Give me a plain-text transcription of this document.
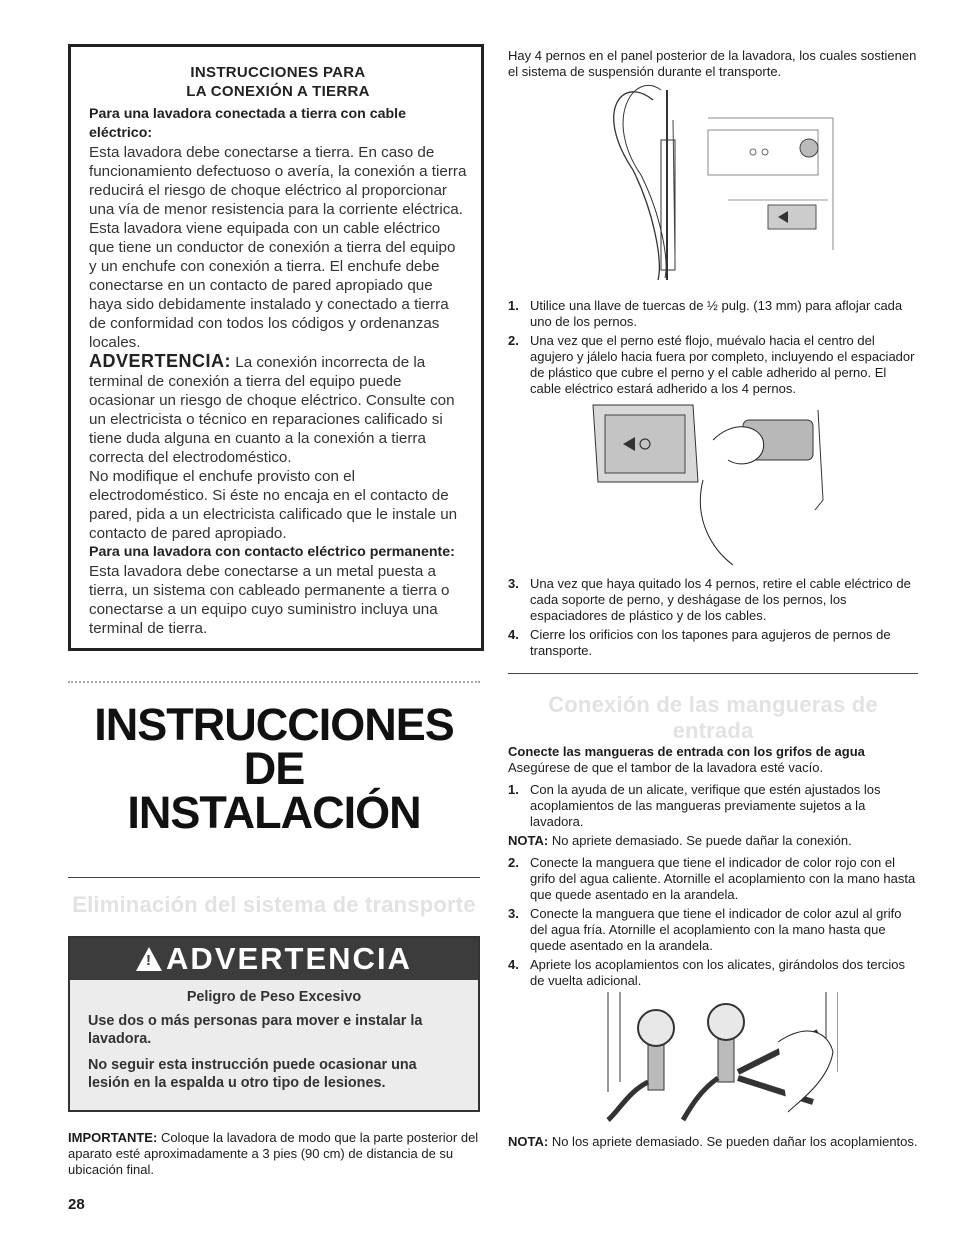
INSTRUCCIONES PARA
LA CONEXIÓN A TIERRA

Para una lavadora conectada a tierra con cable eléctrico:

Esta lavadora debe conectarse a tierra. En caso de funcionamiento defectuoso o avería, la conexión a tierra reducirá el riesgo de choque eléctrico al proporcionar una vía de menor resistencia para la corriente eléctrica. Esta lavadora viene equipada con un cable eléctrico que tiene un conductor de conexión a tierra del equipo y un enchufe con conexión a tierra. El enchufe debe conectarse en un contacto de pared apropiado que haya sido debidamente instalado y conectado a tierra de conformidad con todos los códigos y ordenanzas locales.

ADVERTENCIA: La conexión incorrecta de la terminal de conexión a tierra del equipo puede ocasionar un riesgo de choque eléctrico. Consulte con un electricista o técnico en reparaciones calificado si tiene duda alguna en cuanto a la conexión a tierra correcta del electrodoméstico.

No modifique el enchufe provisto con el electrodoméstico. Si éste no encaja en el contacto de pared, pida a un electricista calificado que le instale un contacto de pared apropiado.

Para una lavadora con contacto eléctrico permanente:

Esta lavadora debe conectarse a un metal puesta a tierra, un sistema con cableado permanente a tierra o conectarse a un equipo cuyo suministro incluya una terminal de tierra.

INSTRUCCIONES DE
INSTALACIÓN
Eliminación del sistema de transporte
! ADVERTENCIA
Peligro de Peso Excesivo

Use dos o más personas para mover e instalar la lavadora.

No seguir esta instrucción puede ocasionar una lesión en la espalda u otro tipo de lesiones.

IMPORTANTE: Coloque la lavadora de modo que la parte posterior del aparato esté aproximadamente a 3 pies (90 cm) de distancia de su ubicación final.
28

Hay 4 pernos en el panel posterior de la lavadora, los cuales sostienen el sistema de suspensión durante el transporte.

1. Utilice una llave de tuercas de ½ pulg. (13 mm) para aflojar cada uno de los pernos.
2. Una vez que el perno esté flojo, muévalo hacia el centro del agujero y jálelo hacia fuera por completo, incluyendo el espaciador de plástico que cubre el perno y el cable adherido al perno. El cable eléctrico estará adherido a los 4 pernos.
3. Una vez que haya quitado los 4 pernos, retire el cable eléctrico de cada soporte de perno, y deshágase de los pernos, los espaciadores de plástico y de los cables.
4. Cierre los orificios con los tapones para agujeros de pernos de transporte.
Conexión de las mangueras de entrada

Conecte las mangueras de entrada con los grifos de agua

Asegúrese de que el tambor de la lavadora esté vacío.

1. Con la ayuda de un alicate, verifique que estén ajustados los acoplamientos de las mangueras previamente sujetos a la lavadora.

NOTA: No apriete demasiado. Se puede dañar la conexión.

2. Conecte la manguera que tiene el indicador de color rojo con el grifo del agua caliente. Atornille el acoplamiento con la mano hasta que quede asentado en la arandela.
3. Conecte la manguera que tiene el indicador de color azul al grifo del agua fría. Atornille el acoplamiento con la mano hasta que quede asentado en la arandela.
4. Apriete los acoplamientos con los alicates, girándolos dos tercios de vuelta adicional.

NOTA: No los apriete demasiado. Se pueden dañar los acoplamientos.
